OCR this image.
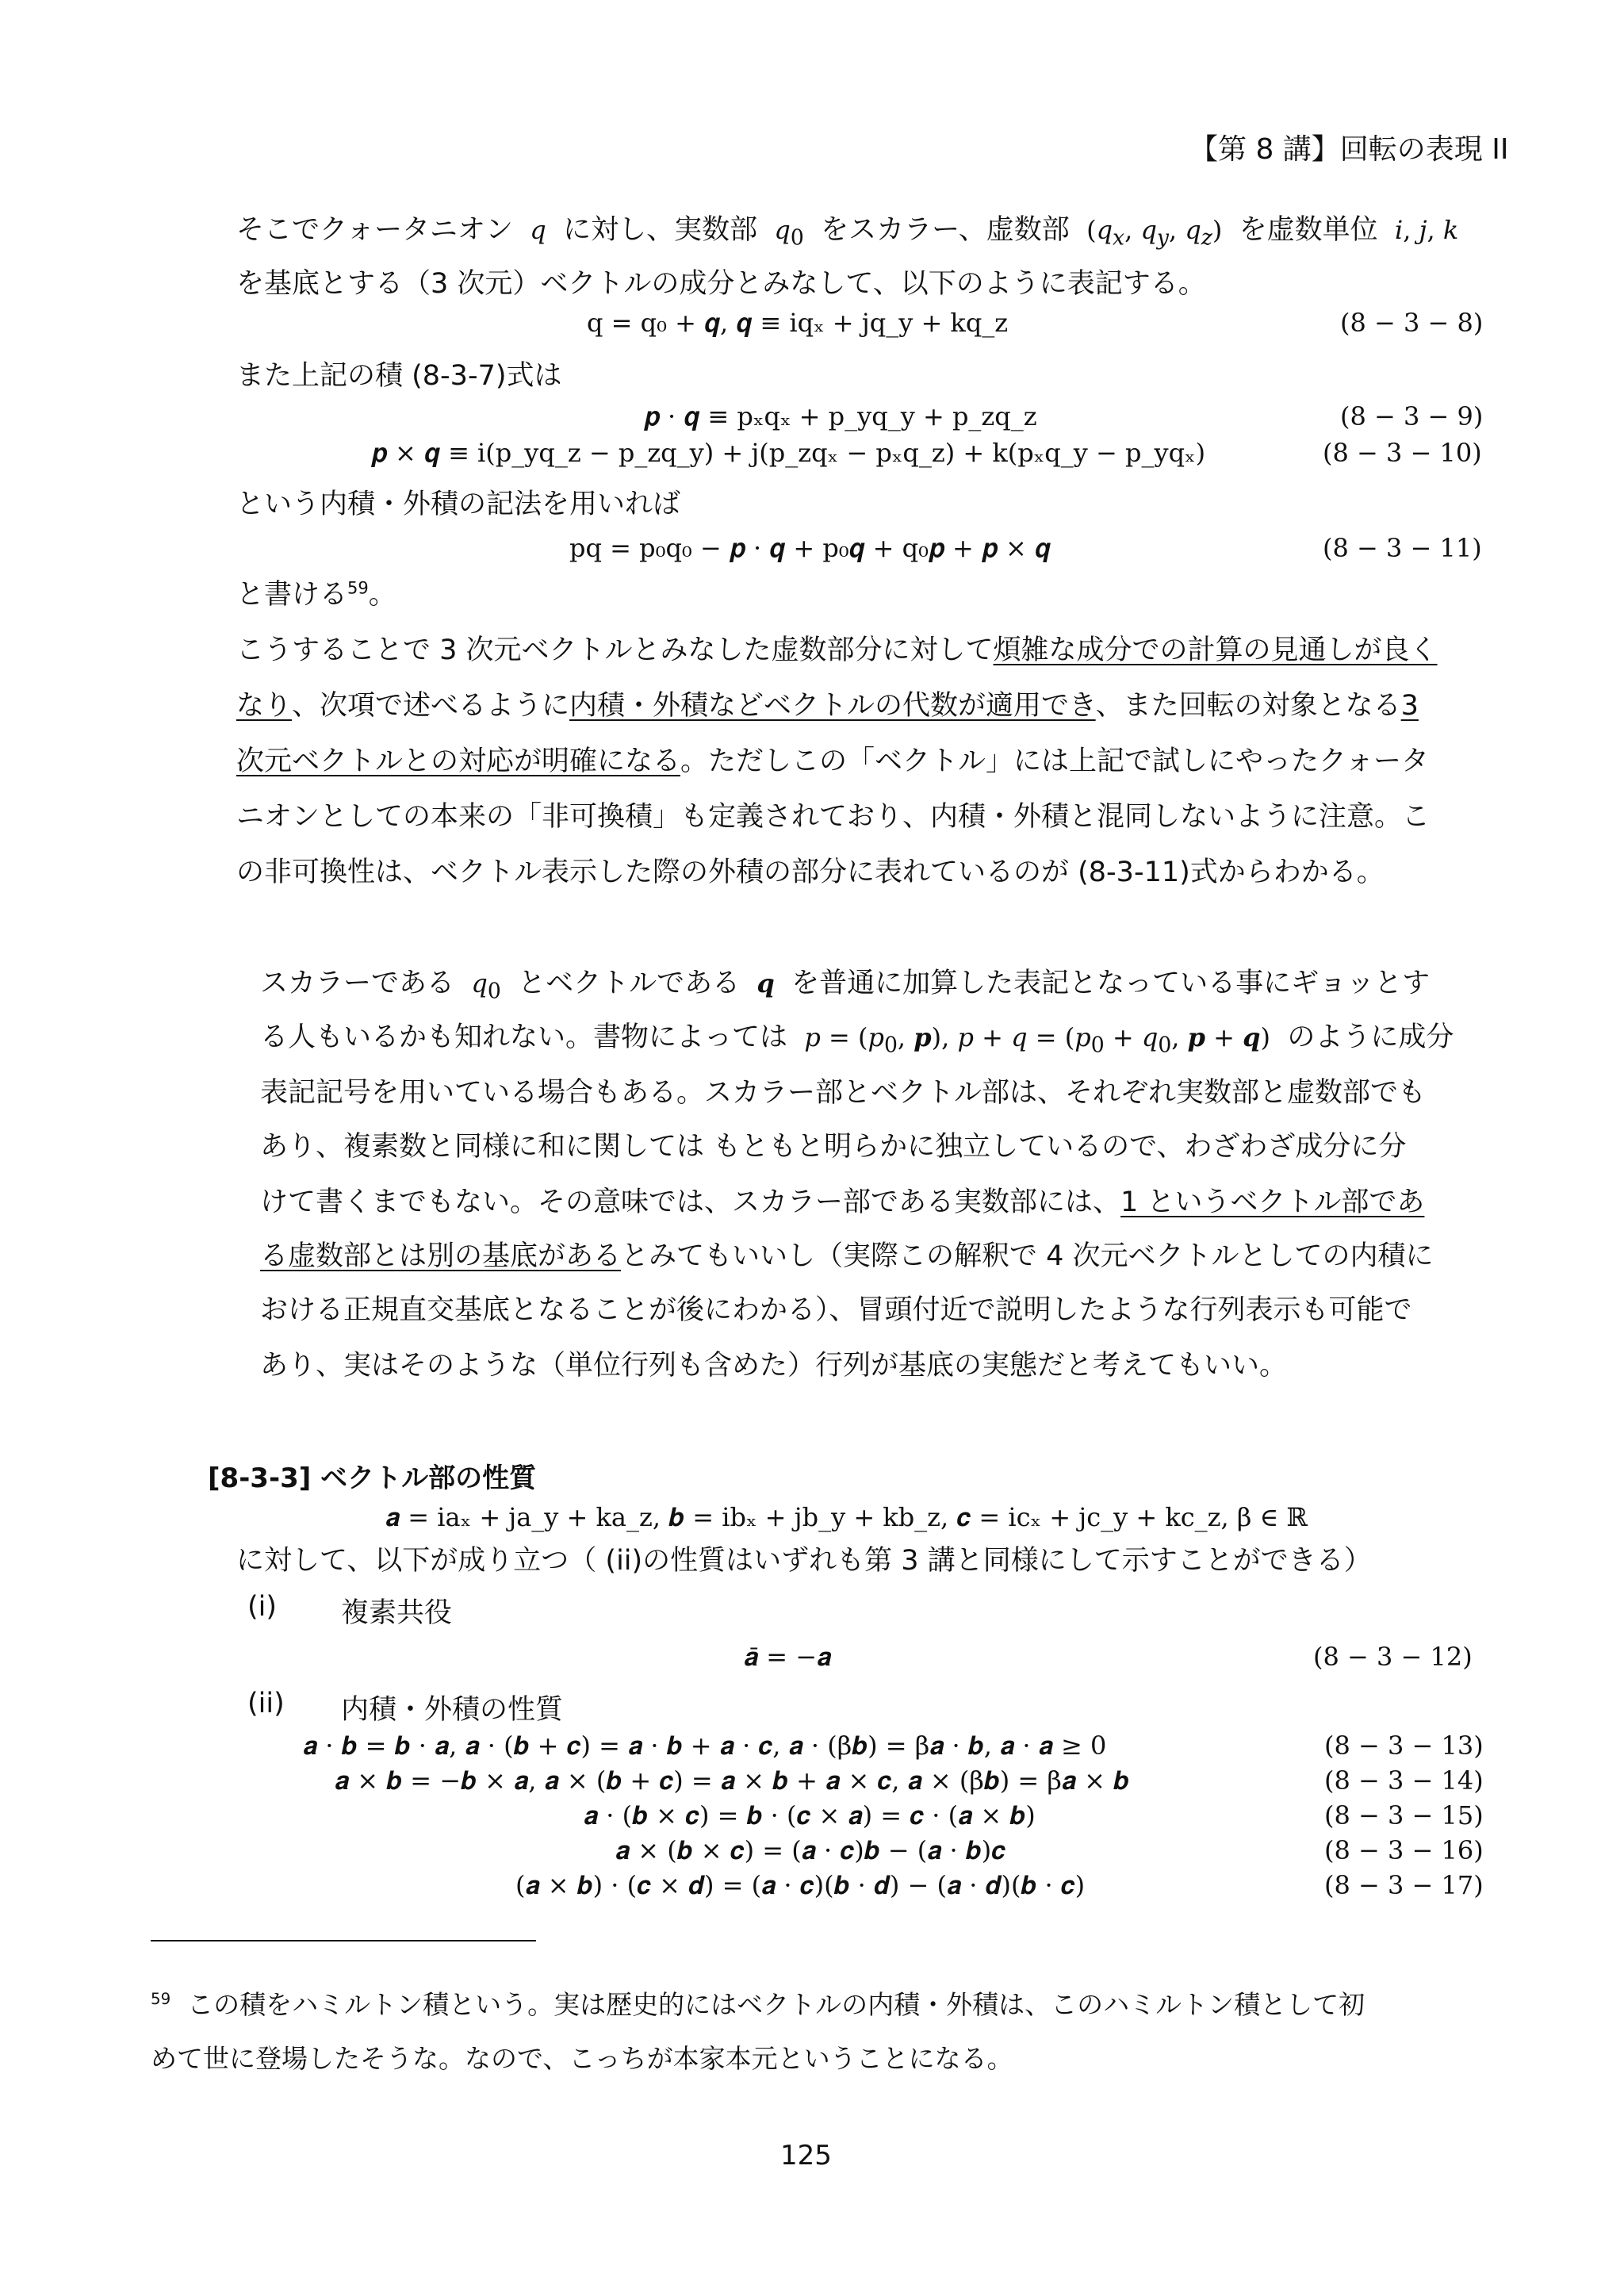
【第 8 講】回転の表現 II
そこでクォータニオン q に対し、実数部 $q_0$ をスカラー、虚数部  ($q_x$, $q_y$, $q_z$)  を虚数単位 i, j, k
を基底とする（3 次元）ベクトルの成分とみなして、以下のように表記する。
q = q₀ + 𝒒, 𝒒 ≡ iqₓ + jq_y + kq_z	(8 − 3 − 8)
また上記の積 (8-3-7)式は
𝒑 · 𝒒 ≡ pₓqₓ + p_yq_y + p_zq_z	(8 − 3 − 9)
𝒑 × 𝒒 ≡ i(p_yq_z − p_zq_y) + j(p_zqₓ − pₓq_z) + k(pₓq_y − p_yqₓ)	(8 − 3 − 10)
という内積・外積の記法を用いれば
pq = p₀q₀ − 𝒑 · 𝒒 + p₀𝒒 + q₀𝒑 + 𝒑 × 𝒒	(8 − 3 − 11)
と書ける$^{59}$。
こうすることで 3 次元ベクトルとみなした虚数部分に対して煩雑な成分での計算の見通しが良く
なり、次項で述べるように内積・外積などベクトルの代数が適用でき、また回転の対象となる3
次元ベクトルとの対応が明確になる。ただしこの「ベクトル」には上記で試しにやったクォータ
ニオンとしての本来の「非可換積」も定義されており、内積・外積と混同しないように注意。こ
の非可換性は、ベクトル表示した際の外積の部分に表れているのが (8-3-11)式からわかる。
スカラーである $q_0$ とベクトルである q を普通に加算した表記となっている事にギョッとす
る人もいるかも知れない。書物によっては $p = (p_0$, p), $p + q = (p_0 + q_0$, p + q)  のように成分
表記記号を用いている場合もある。スカラー部とベクトル部は、それぞれ実数部と虚数部でも
あり、複素数と同様に和に関しては もともと明らかに独立しているので、わざわざ成分に分
けて書くまでもない。その意味では、スカラー部である実数部には、1 というベクトル部であ
る虚数部とは別の基底があるとみてもいいし（実際この解釈で 4 次元ベクトルとしての内積に
おける正規直交基底となることが後にわかる）、冒頭付近で説明したような行列表示も可能で
あり、実はそのような（単位行列も含めた）行列が基底の実態だと考えてもいい。
[8-3-3] ベクトル部の性質
𝒂 = iaₓ + ja_y + ka_z, 𝒃 = ibₓ + jb_y + kb_z, 𝒄 = icₓ + jc_y + kc_z, β ∈ ℝ
に対して、以下が成り立つ（ (ii)の性質はいずれも第 3 講と同様にして示すことができる）
(i) 複素共役
𝒂̄ = −𝒂	(8 − 3 − 12)
(ii) 内積・外積の性質
𝒂 · 𝒃 = 𝒃 · 𝒂, 𝒂 · (𝒃 + 𝒄) = 𝒂 · 𝒃 + 𝒂 · 𝒄, 𝒂 · (β𝒃) = β𝒂 · 𝒃, 𝒂 · 𝒂 ≥ 0	(8 − 3 − 13)
𝒂 × 𝒃 = −𝒃 × 𝒂, 𝒂 × (𝒃 + 𝒄) = 𝒂 × 𝒃 + 𝒂 × 𝒄, 𝒂 × (β𝒃) = β𝒂 × 𝒃	(8 − 3 − 14)
𝒂 · (𝒃 × 𝒄) = 𝒃 · (𝒄 × 𝒂) = 𝒄 · (𝒂 × 𝒃)	(8 − 3 − 15)
𝒂 × (𝒃 × 𝒄) = (𝒂 · 𝒄)𝒃 − (𝒂 · 𝒃)𝒄	(8 − 3 − 16)
(𝒂 × 𝒃) · (𝒄 × 𝒅) = (𝒂 · 𝒄)(𝒃 · 𝒅) − (𝒂 · 𝒅)(𝒃 · 𝒄)	(8 − 3 − 17)
$^{59}$ この積をハミルトン積という。実は歴史的にはベクトルの内積・外積は、このハミルトン積として初
めて世に登場したそうな。なので、こっちが本家本元ということになる。
125
